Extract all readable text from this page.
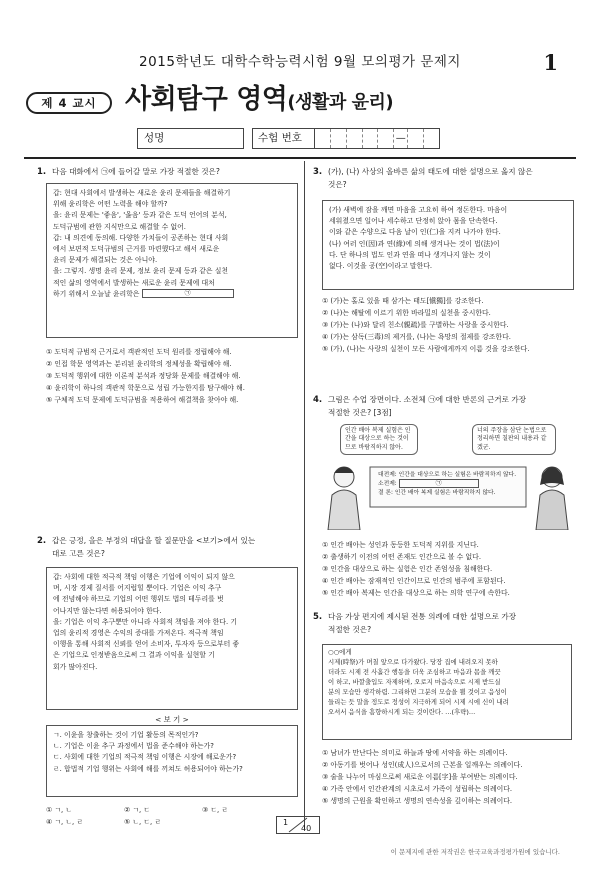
2015학년도 대학수학능력시험 9월 모의평가 문제지	1
제 4 교시	사회탐구 영역(생활과 윤리)
성명	수험 번호	—
1. 다음 대화에서 ㉠에 들어갈 말로 가장 적절한 것은?
갑: 현대 사회에서 발생하는 새로운 윤리 문제들을 해결하기
위해 윤리학은 어떤 노력을 해야 할까?
을: 윤리 문제는 '좋음', '옳음' 등과 같은 도덕 언어의 분석,
도덕규범에 관한 지식만으로 해결할 수 없어.
갑: 내 의견에 동의해. 다양한 가치들이 공존하는 현대 사회
에서 보편적 도덕규범의 근거를 마련했다고 해서 새로운
윤리 문제가 해결되는 것은 아니야.
을: 그렇지. 생명 윤리 문제, 정보 윤리 문제 등과 같은 실천
적인 삶의 영역에서 발생하는 새로운 윤리 문제에 대처
하기 위해서 오늘날 윤리학은	㉠
① 도덕적 규범적 근거로서 객관적인 도덕 원리를 정립해야 해.
② 인접 학문 영역과는 분리된 윤리학의 정체성을 확립해야 해.
③ 도덕적 행위에 대한 이론적 분석과 정당화 문제를 해결해야 해.
④ 윤리학이 하나의 객관적 학문으로 성립 가능한지를 탐구해야 해.
⑤ 구체적 도덕 문제에 도덕규범을 적용하여 해결책을 찾아야 해.
2. 갑은 긍정, 을은 부정의 대답을 할 질문만을 <보기>에서 있는
대로 고른 것은?
갑: 사회에 대한 적극적 책임 이행은 기업에 이익이 되지 않으
며, 시장 경제 질서를 어지럽힐 뿐이다. 기업은 이익 추구
에 전념해야 하므로 기업의 어떤 행위도 법의 테두리를 벗
어나지만 않는다면 허용되어야 한다.
을: 기업은 이익 추구뿐만 아니라 사회적 책임을 져야 한다. 기
업의 윤리적 경영은 수익의 증대를 가져온다. 적극적 책임
이행을 통해 사회적 신뢰를 얻어 소비자, 투자자 등으로부터 좋
은 기업으로 인정받음으로써 그 결과 이익을 실현할 기
회가 많아진다.
< 보 기 >
ㄱ. 이윤을 창출하는 것이 기업 활동의 목적인가?
ㄴ. 기업은 이윤 추구 과정에서 법을 준수해야 하는가?
ㄷ. 사회에 대한 기업의 적극적 책임 이행은 시장에 해로운가?
ㄹ. 합법적 기업 행위는 사회에 해를 끼쳐도 허용되어야 하는가?
① ㄱ, ㄴ	② ㄱ, ㄷ	③ ㄷ, ㄹ
④ ㄱ, ㄴ, ㄹ	⑤ ㄴ, ㄷ, ㄹ
3. (가), (나) 사상의 올바른 삶의 태도에 대한 설명으로 옳지 않은
것은?
(가) 새벽에 잠을 깨면 마음을 고요히 하여 정돈한다. 마음이
세워졌으면 일어나 세수하고 단정히 앉아 몸을 단속한다.
이와 같은 수양으로 다음 날이 인(仁)을 지켜 나가야 한다.
(나) 여러 인(因)과 연(緣)에 의해 생겨나는 것이 법(法)이
다. 단 하나의 법도 인과 연을 떠나 생겨나지 않는 것이
없다. 이것을 공(空)이라고 말한다.
① (가)는 홀로 있을 때 삼가는 태도[愼獨]를 강조한다.
② (나)는 해탈에 이르기 위한 바라밀의 실천을 중시한다.
③ (가)는 (나)와 달리 친소(親疏)를 구별하는 사랑을 중시한다.
④ (가)는 삼독(三毒)의 제거를, (나)는 욕망의 절제를 강조한다.
⑤ (가), (나)는 사랑의 실천이 모든 사람에게까지 이름 것을 강조한다.
4. 그림은 수업 장면이다. 소전체 ㉠에 대한 반론의 근거로 가장
적절한 것은? [3점]
인간 배아 복제 실험은 인간을 대상으로 하는 것이므로 바람직하지 않아.
너의 주장을 삼단 논법으로 정리하면 칠판의 내용과 같겠군.
대전제: 인간을 대상으로 하는 실험은 바람직하지 않다.
소전제:	㉠
결 론: 인간 배아 복제 실험은 바람직하지 않다.
① 인간 배아는 성인과 동등한 도덕적 지위를 지닌다.
② 출생하기 이전의 어떤 존재도 인간으로 볼 수 없다.
③ 인간을 대상으로 하는 실험은 인간 존엄성을 침해한다.
④ 인간 배아는 잠재적인 인간이므로 인간의 범주에 포함된다.
⑤ 인간 배아 복제는 인간을 대상으로 하는 의학 연구에 속한다.
5. 다음 가상 편지에 제시된 전통 의례에 대한 설명으로 가장
적절한 것은?
○○에게
시제(時祭)가 며칠 앞으로 다가왔다. 당장 집에 내려오지 못하
더라도 시제 전 사흘간 행동을 더욱 조심하고 마음과 몸을 깨끗
이 하고, 바깥출입도 자제하며, 오로지 마음속으로 시제 받드실
분의 모습만 생각하렴. 그리하면 그분의 모습을 뵐 것이고 음성이
들리는 듯 말을 정도로 정성이 지극하게 되어 시제 시에 신이 내려
오셔서 음식을 흠향하시게 되는 것이란다. …(후략)…
① 남녀가 만난다는 의미로 하늘과 땅에 서약을 하는 의례이다.
② 아동기를 벗어나 성인(成人)으로서의 근본을 일깨우는 의례이다.
③ 술을 나누어 마심으로써 새로운 이름[字]을 부여받는 의례이다.
④ 가족 안에서 인간관계의 시초로서 가족이 성립하는 의례이다.
⑤ 생명의 근원을 확인하고 생명의 연속성을 깊이하는 의례이다.
1
40
이 문제지에 관한 저작권은 한국교육과정평가원에 있습니다.
